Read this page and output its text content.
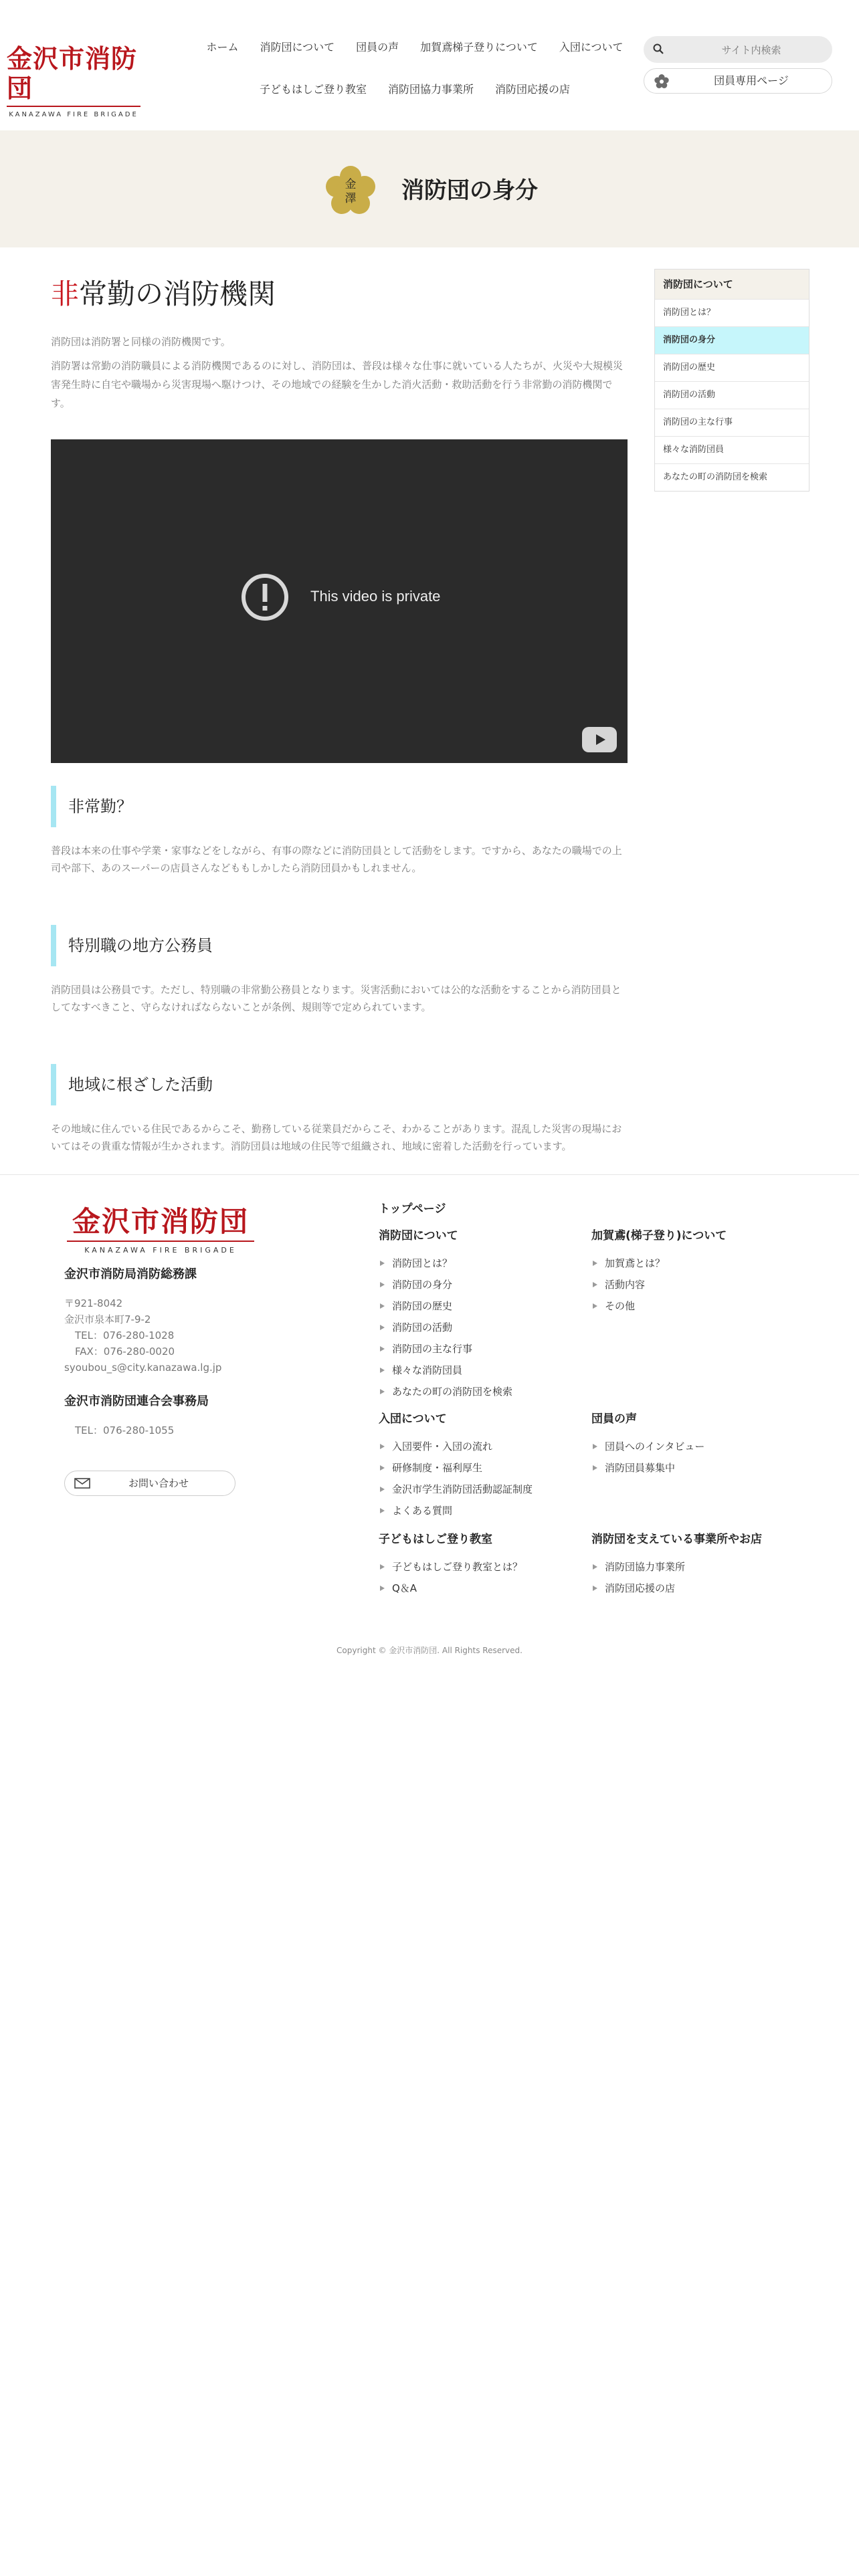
金沢市消防団
KANAZAWA FIRE BRIGADE
ホーム	消防団について	団員の声	加賀鳶梯子登りについて	入団について
子どもはしご登り教室	消防団協力事業所	消防団応援の店
サイト内検索
団員専用ページ
金
澤 消防団の身分
非常勤の消防機関

消防団は消防署と同様の消防機関です。

消防署は常勤の消防職員による消防機関であるのに対し、消防団は、普段は様々な仕事に就いている人たちが、火災や大規模災害発生時に自宅や職場から災害現場へ駆けつけ、その地域での経験を生かした消火活動・救助活動を行う非常勤の消防機関です。

This video is private
非常勤？

普段は本来の仕事や学業・家事などをしながら、有事の際などに消防団員として活動をします。ですから、あなたの職場での上司や部下、あのスーパーの店員さんなどももしかしたら消防団員かもしれません。

特別職の地方公務員

消防団員は公務員です。ただし、特別職の非常勤公務員となります。災害活動においては公的な活動をすることから消防団員としてなすべきこと、守らなければならないことが条例、規則等で定められています。

地域に根ざした活動

その地域に住んでいる住民であるからこそ、勤務している従業員だからこそ、わかることがあります。混乱した災害の現場においてはその貴重な情報が生かされます。消防団員は地域の住民等で組織され、地域に密着した活動を行っています。

消防団について
消防団とは？
消防団の身分
消防団の歴史
消防団の活動
消防団の主な行事
様々な消防団員
あなたの町の消防団を検索
金沢市消防団
KANAZAWA FIRE BRIGADE

金沢市消防局消防総務課

〒921-8042

金沢市泉本町7-9-2

TEL：076-280-1028

FAX：076-280-0020

syoubou_s@city.kanazawa.lg.jp

金沢市消防団連合会事務局

TEL：076-280-1055

お問い合わせ
トップページ
消防団について
消防団とは？
消防団の身分
消防団の歴史
消防団の活動
消防団の主な行事
様々な消防団員
あなたの町の消防団を検索
加賀鳶(梯子登り)について
加賀鳶とは？
活動内容
その他
入団について
入団要件・入団の流れ
研修制度・福利厚生
金沢市学生消防団活動認証制度
よくある質問
団員の声
団員へのインタビュー
消防団員募集中
子どもはしご登り教室
子どもはしご登り教室とは？
Q＆A
消防団を支えている事業所やお店
消防団協力事業所
消防団応援の店
Copyright © 金沢市消防団. All Rights Reserved.
